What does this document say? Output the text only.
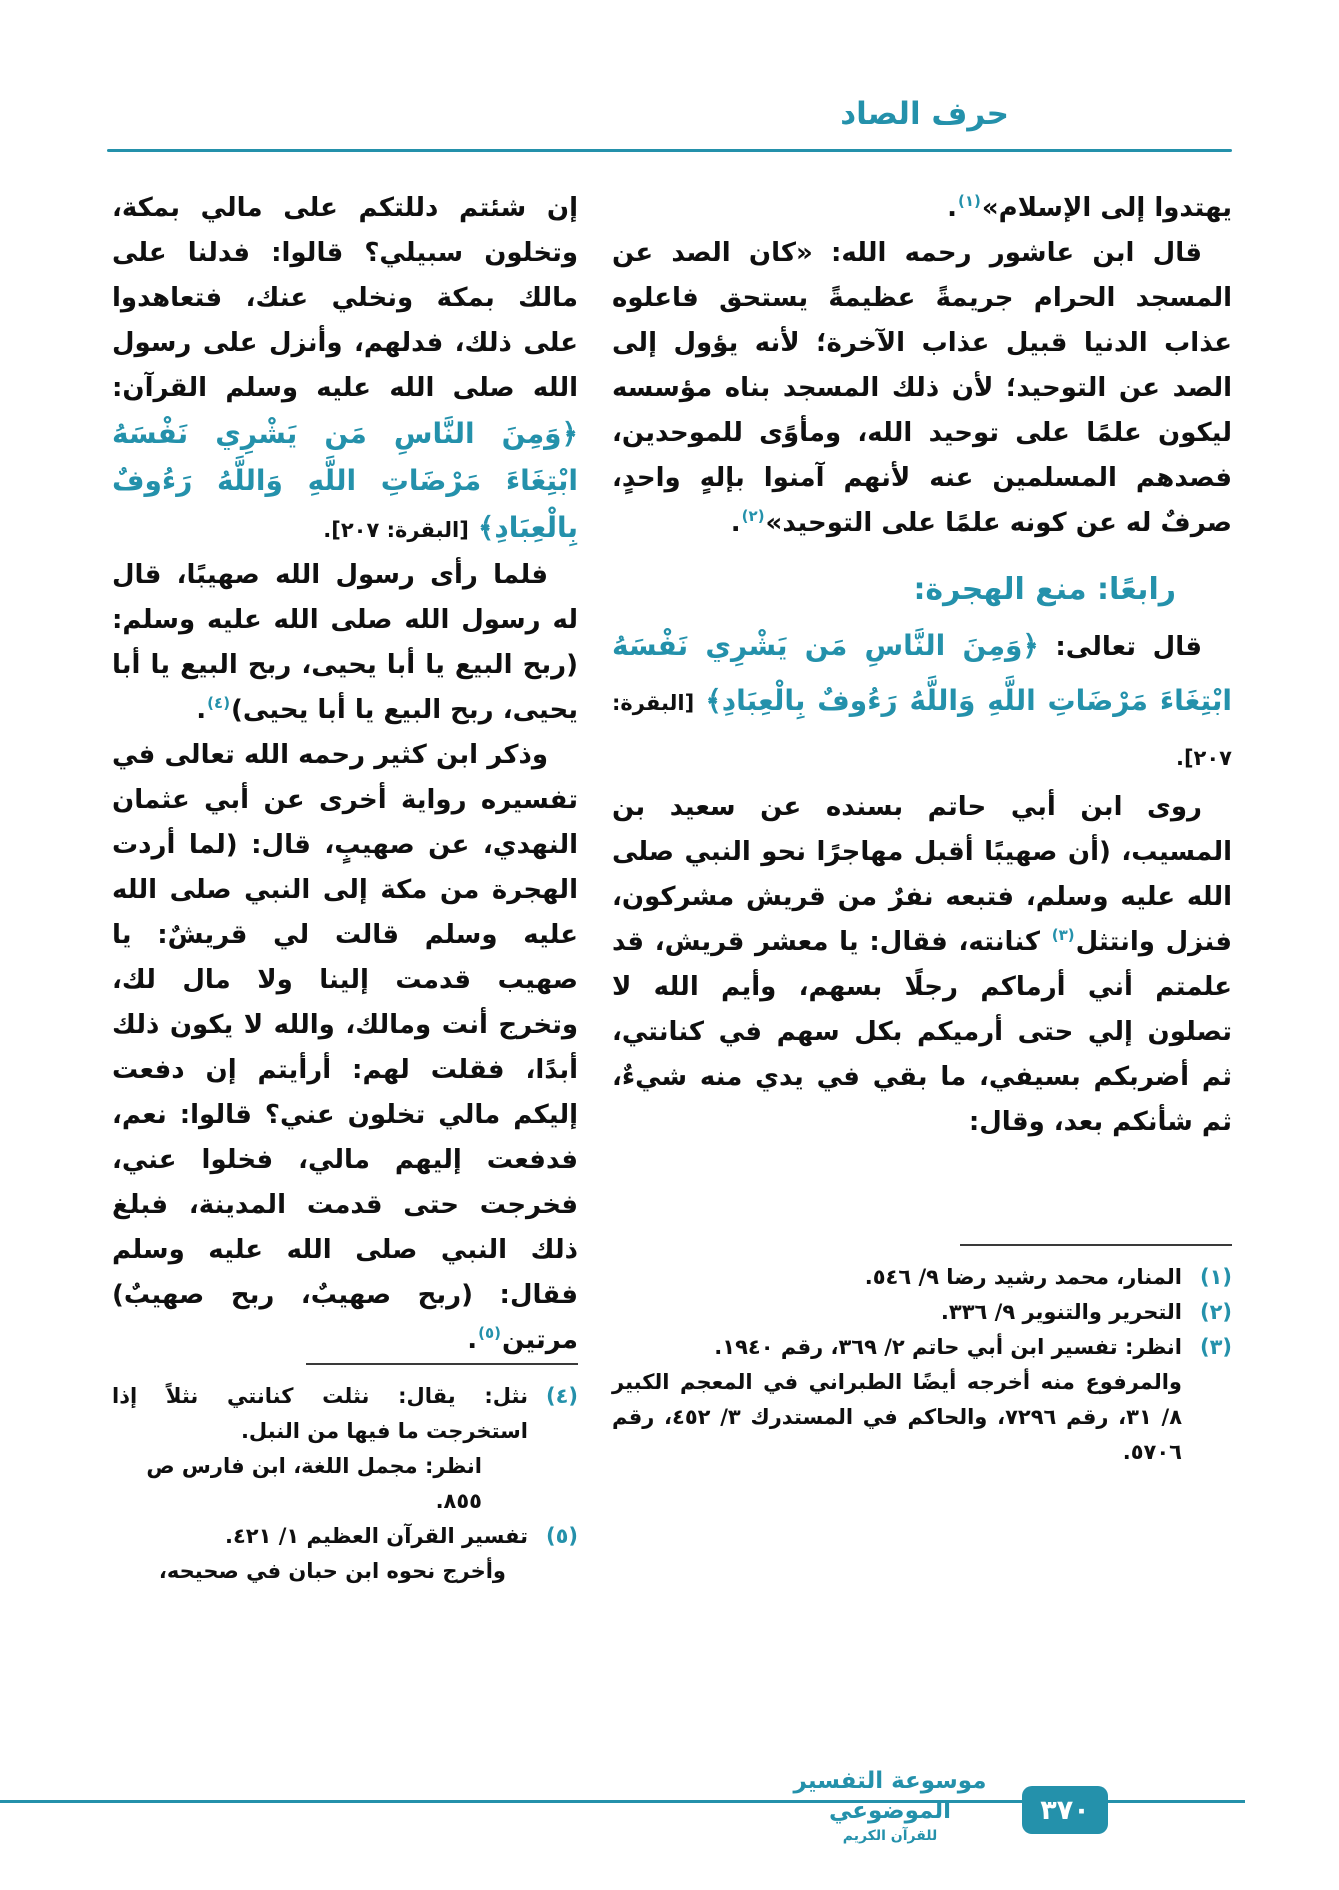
حرف الصاد

يهتدوا إلى الإسلام»$^{(١)}$.

قال ابن عاشور رحمه الله: «كان الصد عن المسجد الحرام جريمةً عظيمةً يستحق فاعلوه عذاب الدنيا قبيل عذاب الآخرة؛ لأنه يؤول إلى الصد عن التوحيد؛ لأن ذلك المسجد بناه مؤسسه ليكون علمًا على توحيد الله، ومأوًى للموحدين، فصدهم المسلمين عنه لأنهم آمنوا بإلهٍ واحدٍ، صرفٌ له عن كونه علمًا على التوحيد»$^{(٢)}$.

رابعًا: منع الهجرة:

قال تعالى: ﴿وَمِنَ النَّاسِ مَن يَشْرِي نَفْسَهُ ابْتِغَاءَ مَرْضَاتِ اللَّهِ وَاللَّهُ رَءُوفٌ بِالْعِبَادِ﴾ [البقرة: ٢٠٧].

روى ابن أبي حاتم بسنده عن سعيد بن المسيب، (أن صهيبًا أقبل مهاجرًا نحو النبي صلى الله عليه وسلم، فتبعه نفرٌ من قريش مشركون، فنزل وانتثل$^{(٣)}$ كنانته، فقال: يا معشر قريش، قد علمتم أني أرماكم رجلًا بسهم، وأيم الله لا تصلون إلي حتى أرميكم بكل سهم في كنانتي، ثم أضربكم بسيفي، ما بقي في يدي منه شيءٌ، ثم شأنكم بعد، وقال:

(١)
المنار، محمد رشيد رضا ٩/ ٥٤٦.
(٢)
التحرير والتنوير ٩/ ٣٣٦.
(٣)
انظر: تفسير ابن أبي حاتم ٢/ ٣٦٩، رقم ١٩٤٠.
والمرفوع منه أخرجه أيضًا الطبراني في المعجم الكبير ٨/ ٣١، رقم ٧٢٩٦، والحاكم في المستدرك ٣/ ٤٥٢، رقم ٥٧٠٦.

إن شئتم دللتكم على مالي بمكة، وتخلون سبيلي؟ قالوا: فدلنا على مالك بمكة ونخلي عنك، فتعاهدوا على ذلك، فدلهم، وأنزل على رسول الله صلى الله عليه وسلم القرآن: ﴿وَمِنَ النَّاسِ مَن يَشْرِي نَفْسَهُ ابْتِغَاءَ مَرْضَاتِ اللَّهِ وَاللَّهُ رَءُوفٌ بِالْعِبَادِ﴾ [البقرة: ٢٠٧].

فلما رأى رسول الله صهيبًا، قال له رسول الله صلى الله عليه وسلم: (ربح البيع يا أبا يحيى، ربح البيع يا أبا يحيى، ربح البيع يا أبا يحيى)$^{(٤)}$.

وذكر ابن كثير رحمه الله تعالى في تفسيره رواية أخرى عن أبي عثمان النهدي، عن صهيبٍ، قال: (لما أردت الهجرة من مكة إلى النبي صلى الله عليه وسلم قالت لي قريشٌ: يا صهيب قدمت إلينا ولا مال لك، وتخرج أنت ومالك، والله لا يكون ذلك أبدًا، فقلت لهم: أرأيتم إن دفعت إليكم مالي تخلون عني؟ قالوا: نعم، فدفعت إليهم مالي، فخلوا عني، فخرجت حتى قدمت المدينة، فبلغ ذلك النبي صلى الله عليه وسلم فقال: (ربح صهيبٌ، ربح صهيبٌ) مرتين$^{(٥)}$.

(٤)
نثل: يقال: نثلت كنانتي نثلاً إذا استخرجت ما فيها من النبل.
انظر: مجمل اللغة، ابن فارس ص ٨٥٥.
(٥)
تفسير القرآن العظيم ١/ ٤٢١.
وأخرج نحوه ابن حبان في صحيحه،
موسوعة التفسير الموضوعي
للقرآن الكريم
٣٧٠
